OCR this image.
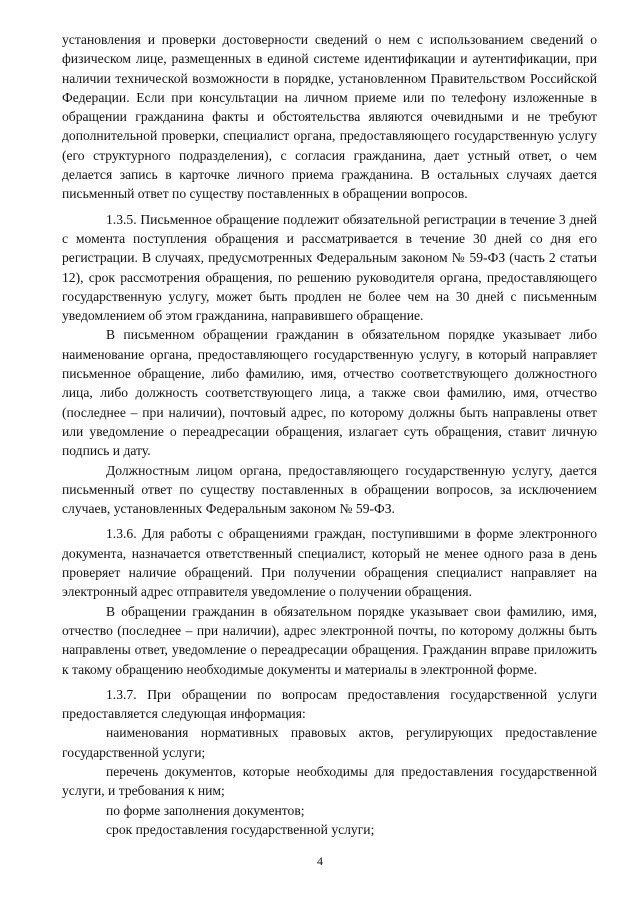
установления и проверки достоверности сведений о нем с использованием сведений о физическом лице, размещенных в единой системе идентификации и аутентификации, при наличии технической возможности в порядке, установленном Правительством Российской Федерации. Если при консультации на личном приеме или по телефону изложенные в обращении гражданина факты и обстоятельства являются очевидными и не требуют дополнительной проверки, специалист органа, предоставляющего государственную услугу (его структурного подразделения), с согласия гражданина, дает устный ответ, о чем делается запись в карточке личного приема гражданина. В остальных случаях дается письменный ответ по существу поставленных в обращении вопросов.

1.3.5. Письменное обращение подлежит обязательной регистрации в течение 3 дней с момента поступления обращения и рассматривается в течение 30 дней со дня его регистрации. В случаях, предусмотренных Федеральным законом № 59-ФЗ (часть 2 статьи 12), срок рассмотрения обращения, по решению руководителя органа, предоставляющего государственную услугу, может быть продлен не более чем на 30 дней с письменным уведомлением об этом гражданина, направившего обращение.

В письменном обращении гражданин в обязательном порядке указывает либо наименование органа, предоставляющего государственную услугу, в который направляет письменное обращение, либо фамилию, имя, отчество соответствующего должностного лица, либо должность соответствующего лица, а также свои фамилию, имя, отчество (последнее – при наличии), почтовый адрес, по которому должны быть направлены ответ или уведомление о переадресации обращения, излагает суть обращения, ставит личную подпись и дату.

Должностным лицом органа, предоставляющего государственную услугу, дается письменный ответ по существу поставленных в обращении вопросов, за исключением случаев, установленных Федеральным законом № 59-ФЗ.

1.3.6. Для работы с обращениями граждан, поступившими в форме электронного документа, назначается ответственный специалист, который не менее одного раза в день проверяет наличие обращений. При получении обращения специалист направляет на электронный адрес отправителя уведомление о получении обращения.

В обращении гражданин в обязательном порядке указывает свои фамилию, имя, отчество (последнее – при наличии), адрес электронной почты, по которому должны быть направлены ответ, уведомление о переадресации обращения. Гражданин вправе приложить к такому обращению необходимые документы и материалы в электронной форме.

1.3.7. При обращении по вопросам предоставления государственной услуги предоставляется следующая информация:

наименования нормативных правовых актов, регулирующих предоставление государственной услуги;

перечень документов, которые необходимы для предоставления государственной услуги, и требования к ним;

по форме заполнения документов;

срок предоставления государственной услуги;

4
